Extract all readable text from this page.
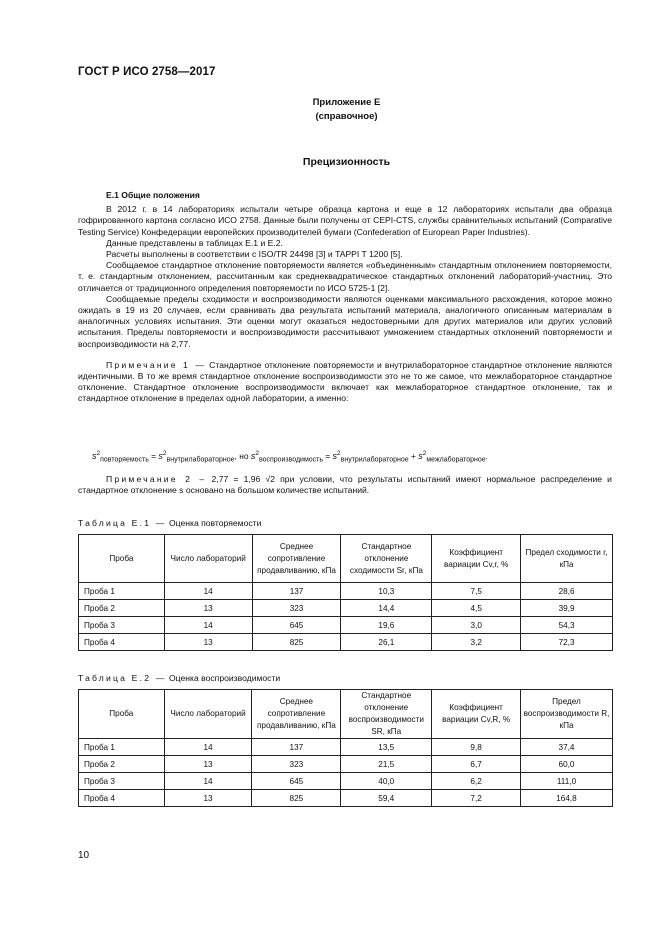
ГОСТ Р ИСО 2758—2017
Приложение E
(справочное)
Прецизионность

Е.1 Общие положения

В 2012 г. в 14 лабораториях испытали четыре образца картона и еще в 12 лабораториях испытали два образца гофрированного картона согласно ИСО 2758. Данные были получены от CEPI-CTS, службы сравнительных испытаний (Comparative Testing Service) Конфедерации европейских производителей бумаги (Confederation of European Paper Industries).

Данные представлены в таблицах Е.1 и Е.2.

Расчеты выполнены в соответствии с ISO/TR 24498 [3] и TAPPI T 1200 [5].

Сообщаемое стандартное отклонение повторяемости является «объединенным» стандартным отклонением повторяемости, т. е. стандартным отклонением, рассчитанным как среднеквадратическое стандартных отклонений лабораторий-участниц. Это отличается от традиционного определения повторяемости по ИСО 5725-1 [2].

Сообщаемые пределы сходимости и воспроизводимости являются оценками максимального расхождения, которое можно ожидать в 19 из 20 случаев, если сравнивать два результата испытаний материала, аналогичного описанным материалам в аналогичных условиях испытания. Эти оценки могут оказаться недостоверными для других материалов или других условий испытания. Пределы повторяемости и воспроизводимости рассчитывают умножением стандартных отклонений повторяемости и воспроизводимости на 2,77.

Примечание 1 — Стандартное отклонение повторяемости и внутрилабораторное стандартное отклонение являются идентичными. В то же время стандартное отклонение воспроизводимости это не то же самое, что межлабораторное стандартное отклонение. Стандартное отклонение воспроизводимости включает как межлабораторное стандартное отклонение, так и стандартное отклонение в пределах одной лаборатории, а именно:

$s^2_{повторяемость} = s^2_{внутрилабораторное}$, но $s^2_{воспроизводимость} = s^2_{внутрилабораторное} + s^2_{межлабораторное}$.

Примечание 2 – 2,77 = 1,96 √2 при условии, что результаты испытаний имеют нормальное распределение и стандартное отклонение s основано на большом количестве испытаний.

Таблица Е.1 — Оценка повторяемости
Проба	Число лабораторий	Среднее сопротивление продавливанию, кПа	Стандартное отклонение сходимости Sr, кПа	Коэффициент вариации Cv,r, %	Предел сходимости r, кПа
Проба 1	14	137	10,3	7,5	28,6
Проба 2	13	323	14,4	4,5	39,9
Проба 3	14	645	19,6	3,0	54,3
Проба 4	13	825	26,1	3,2	72,3
Таблица Е.2 — Оценка воспроизводимости
Проба	Число лабораторий	Среднее сопротивление продавливанию, кПа	Стандартное отклонение воспроизводимости SR, кПа	Коэффициент вариации Cv,R, %	Предел воспроизводимости R, кПа
Проба 1	14	137	13,5	9,8	37,4
Проба 2	13	323	21,5	6,7	60,0
Проба 3	14	645	40,0	6,2	111,0
Проба 4	13	825	59,4	7,2	164,8
10
